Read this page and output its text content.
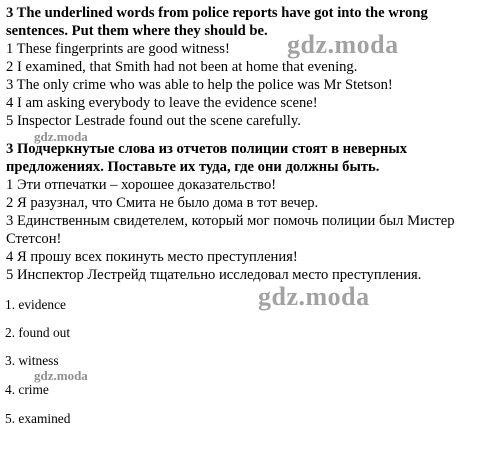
3 The underlined words from police reports have got into the wrong
sentences. Put them where they should be.
1 These fingerprints are good witness!
2 I examined, that Smith had not been at home that evening.
3 The only crime who was able to help the police was Mr Stetson!
4 I am asking everybody to leave the evidence scene!
5 Inspector Lestrade found out the scene carefully.
3 Подчеркнутые слова из отчетов полиции стоят в неверных
предложениях. Поставьте их туда, где они должны быть.
1 Эти отпечатки – хорошее доказательство!
2 Я разузнал, что Смита не было дома в тот вечер.
3 Единственным свидетелем, который мог помочь полиции был Мистер
Стетсон!
4 Я прошу всех покинуть место преступления!
5 Инспектор Лестрейд тщательно исследовал место преступления.
1. evidence
2. found out
3. witness
4. crime
5. examined
gdz.moda
gdz.moda
gdz.moda
gdz.moda
